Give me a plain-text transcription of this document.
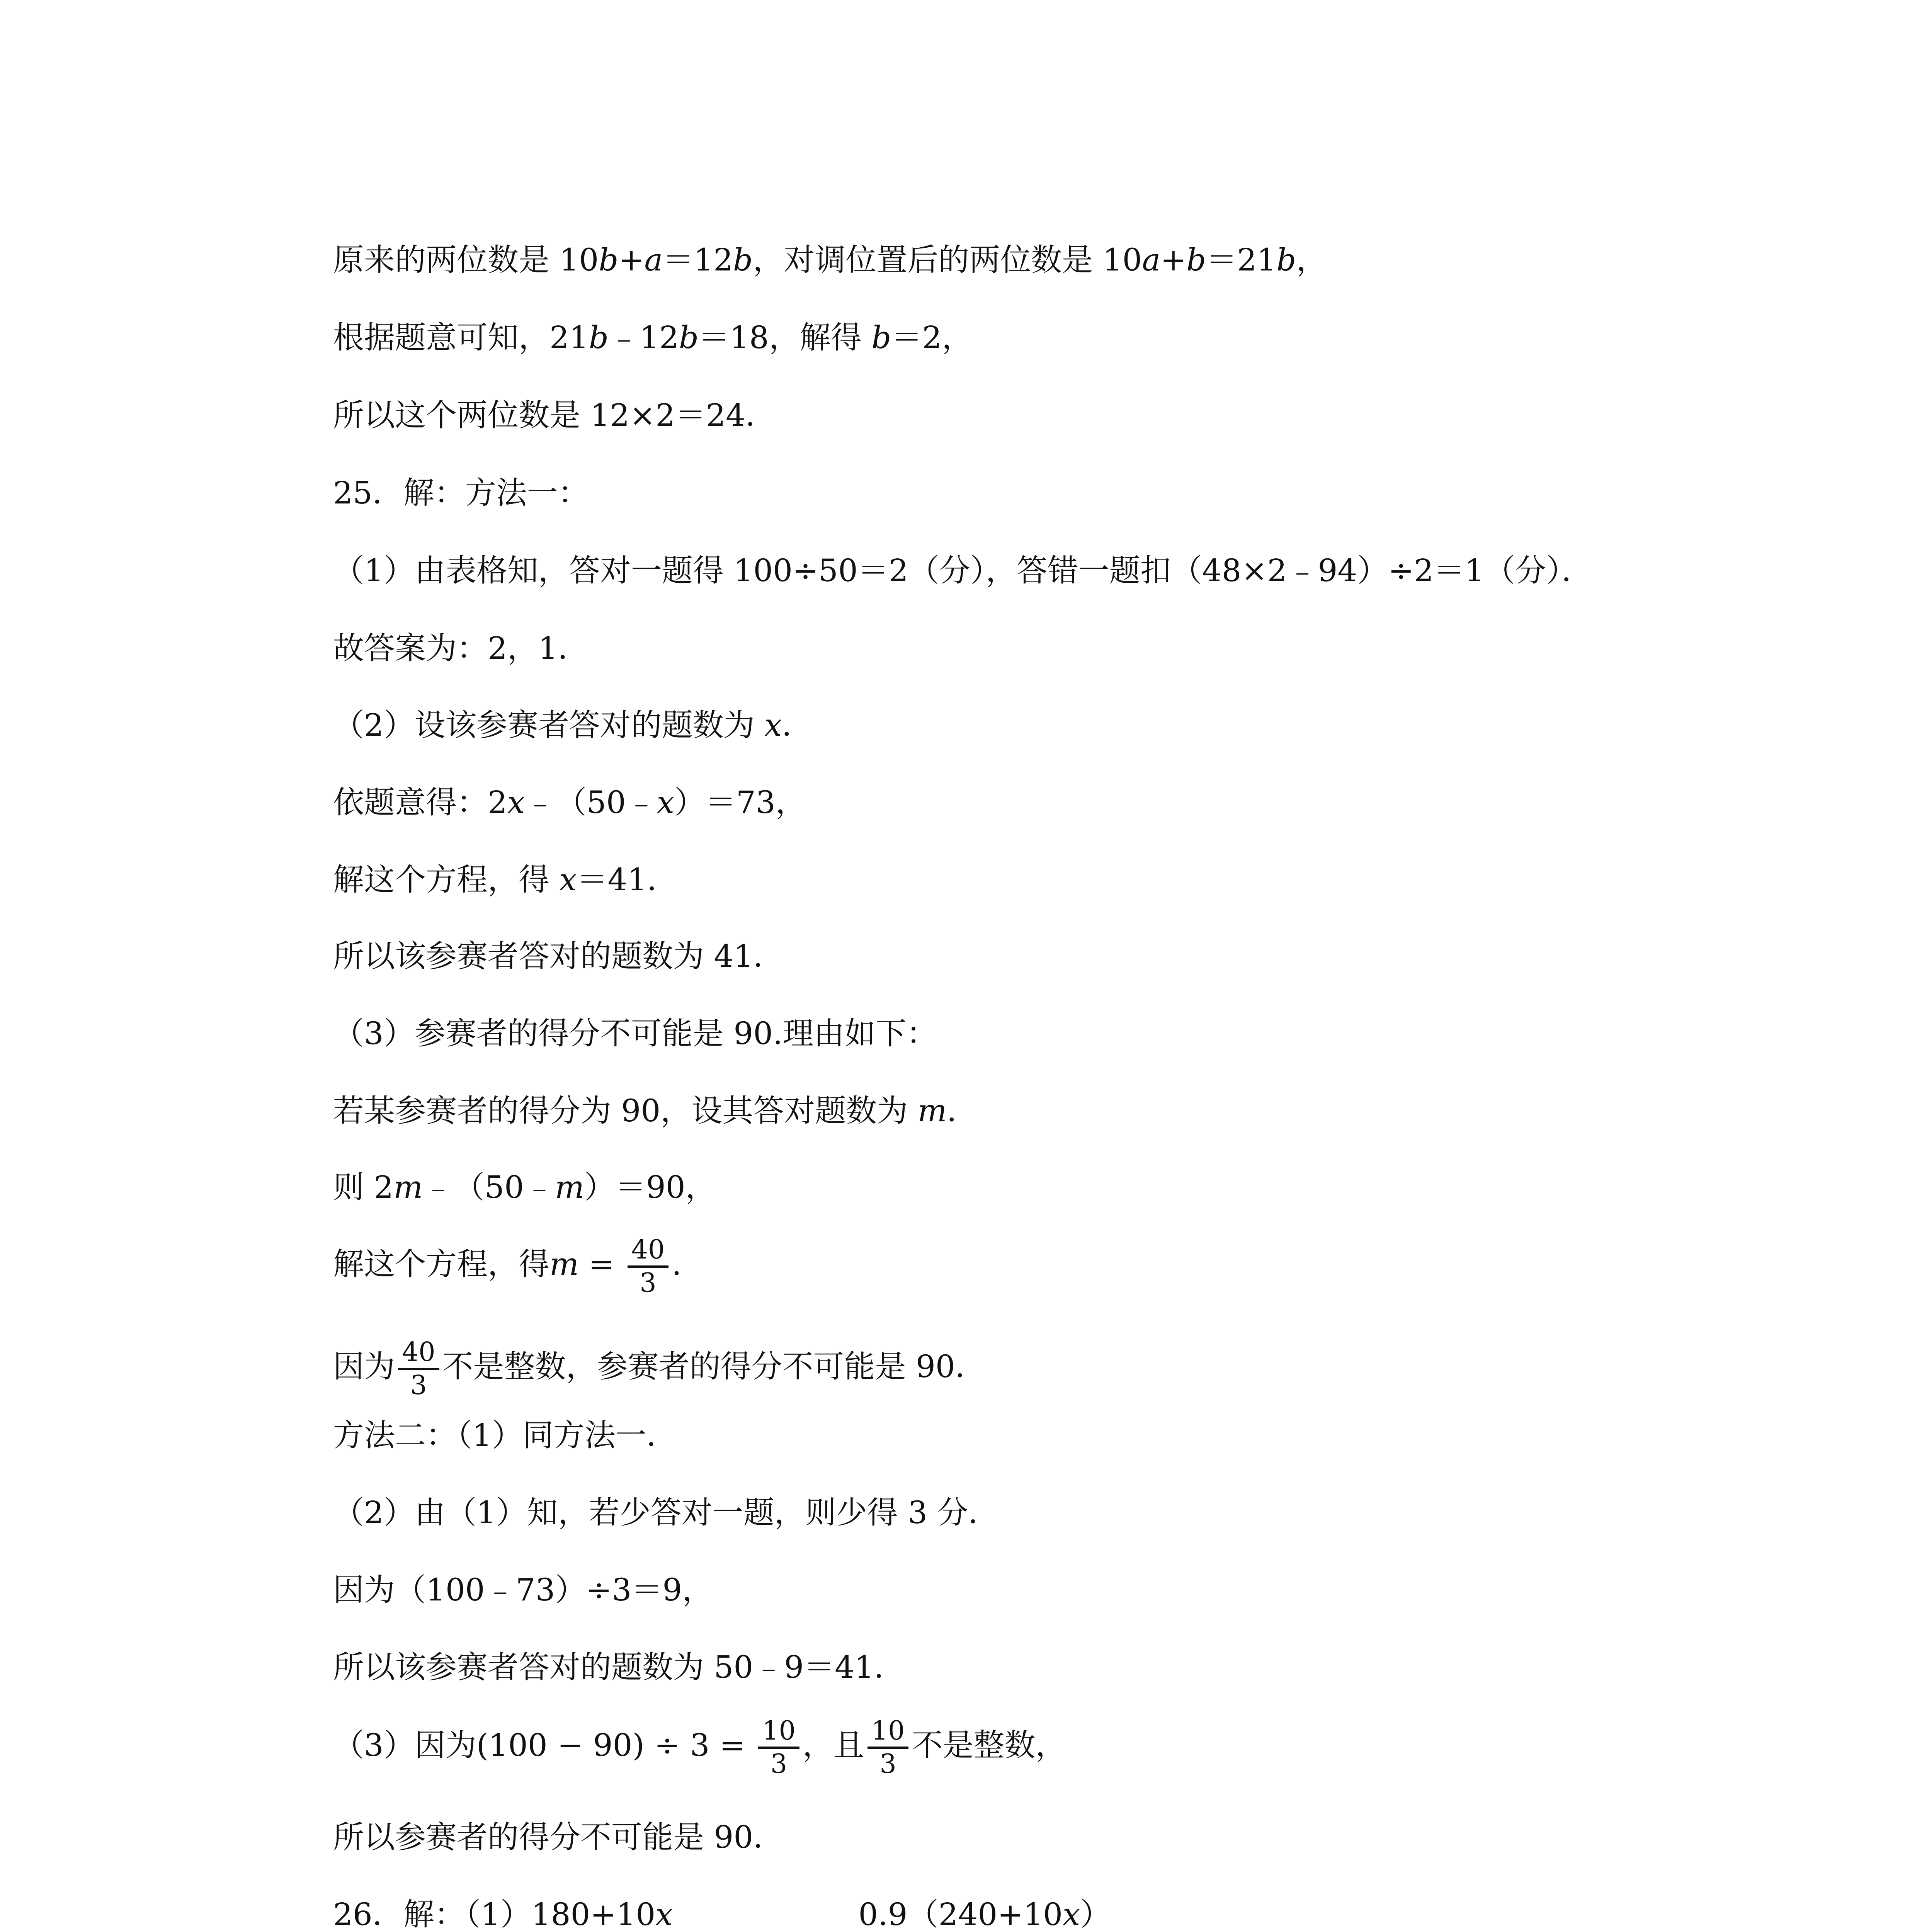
原来的两位数是 10b+a＝12b，对调位置后的两位数是 10a+b＝21b，
根据题意可知，21b﹣12b＝18，解得 b＝2，
所以这个两位数是 12×2＝24．
25．解：方法一：
（1）由表格知，答对一题得 100÷50＝2（分），答错一题扣（48×2﹣94）÷2＝1（分）．
故答案为：2，1．
（2）设该参赛者答对的题数为 x．
依题意得：2x﹣（50﹣x）＝73，
解这个方程，得 x＝41．
所以该参赛者答对的题数为 41．
（3）参赛者的得分不可能是 90.理由如下：
若某参赛者的得分为 90，设其答对题数为 m．
则 2m﹣（50﹣m）＝90，
解这个方程，得$m = \frac{40}{3}$ .
因为 $\frac{40}{3}$ 不是整数，参赛者的得分不可能是 90．
方法二：（1）同方法一．
（2）由（1）知，若少答对一题，则少得 3 分．
因为（100﹣73）÷3＝9，
所以该参赛者答对的题数为 50﹣9＝41．
（3）因为$(100 - 90) \div 3 = \frac{10}{3}$ ，且 $\frac{10}{3}$ 不是整数，
所以参赛者的得分不可能是 90．
26．解：（1）180+10x	0.9（240+10x）
